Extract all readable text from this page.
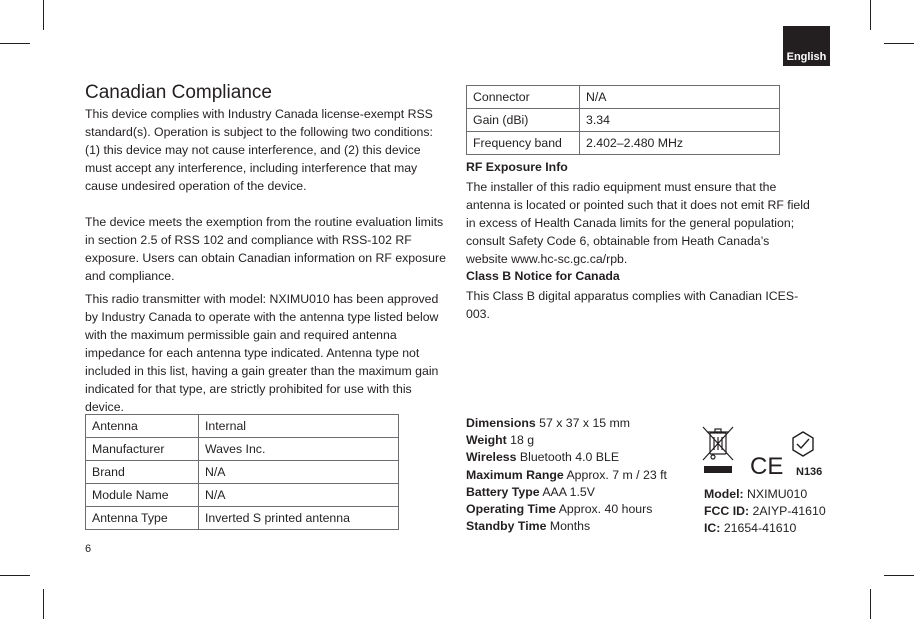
English
Canadian Compliance

This device complies with Industry Canada license-exempt RSS standard(s). Operation is subject to the following two conditions: (1) this device may not cause interference, and (2) this device must accept any interference, including interference that may cause undesired operation of the device.

The device meets the exemption from the routine evaluation limits in section 2.5 of RSS 102 and compliance with RSS-102 RF exposure. Users can obtain Canadian information on RF exposure and compliance.

This radio transmitter with model: NXIMU010 has been approved by Industry Canada to operate with the antenna type listed below with the maximum permissible gain and required antenna impedance for each antenna type indicated. Antenna type not included in this list, having a gain greater than the maximum gain indicated for that type, are strictly prohibited for use with this device.

Antenna	Internal
Manufacturer	Waves Inc.
Brand	N/A
Module Name	N/A
Antenna Type	Inverted S printed antenna
6
Connector	N/A
Gain (dBi)	3.34
Frequency band	2.402–2.480 MHz
RF Exposure Info

The installer of this radio equipment must ensure that the antenna is located or pointed such that it does not emit RF field in excess of Health Canada limits for the general population; consult Safety Code 6, obtainable from Heath Canada’s website www.hc-sc.gc.ca/rpb.

Class B Notice for Canada

This Class B digital apparatus complies with Canadian ICES-003.

Dimensions 57 x 37 x 15 mm
Weight 18 g
Wireless Bluetooth 4.0 BLE
Maximum Range Approx. 7 m / 23 ft
Battery Type AAA 1.5V
Operating Time Approx. 40 hours
Standby Time Months
CE N136
Model: NXIMU010
FCC ID: 2AIYP-41610
IC: 21654-41610
